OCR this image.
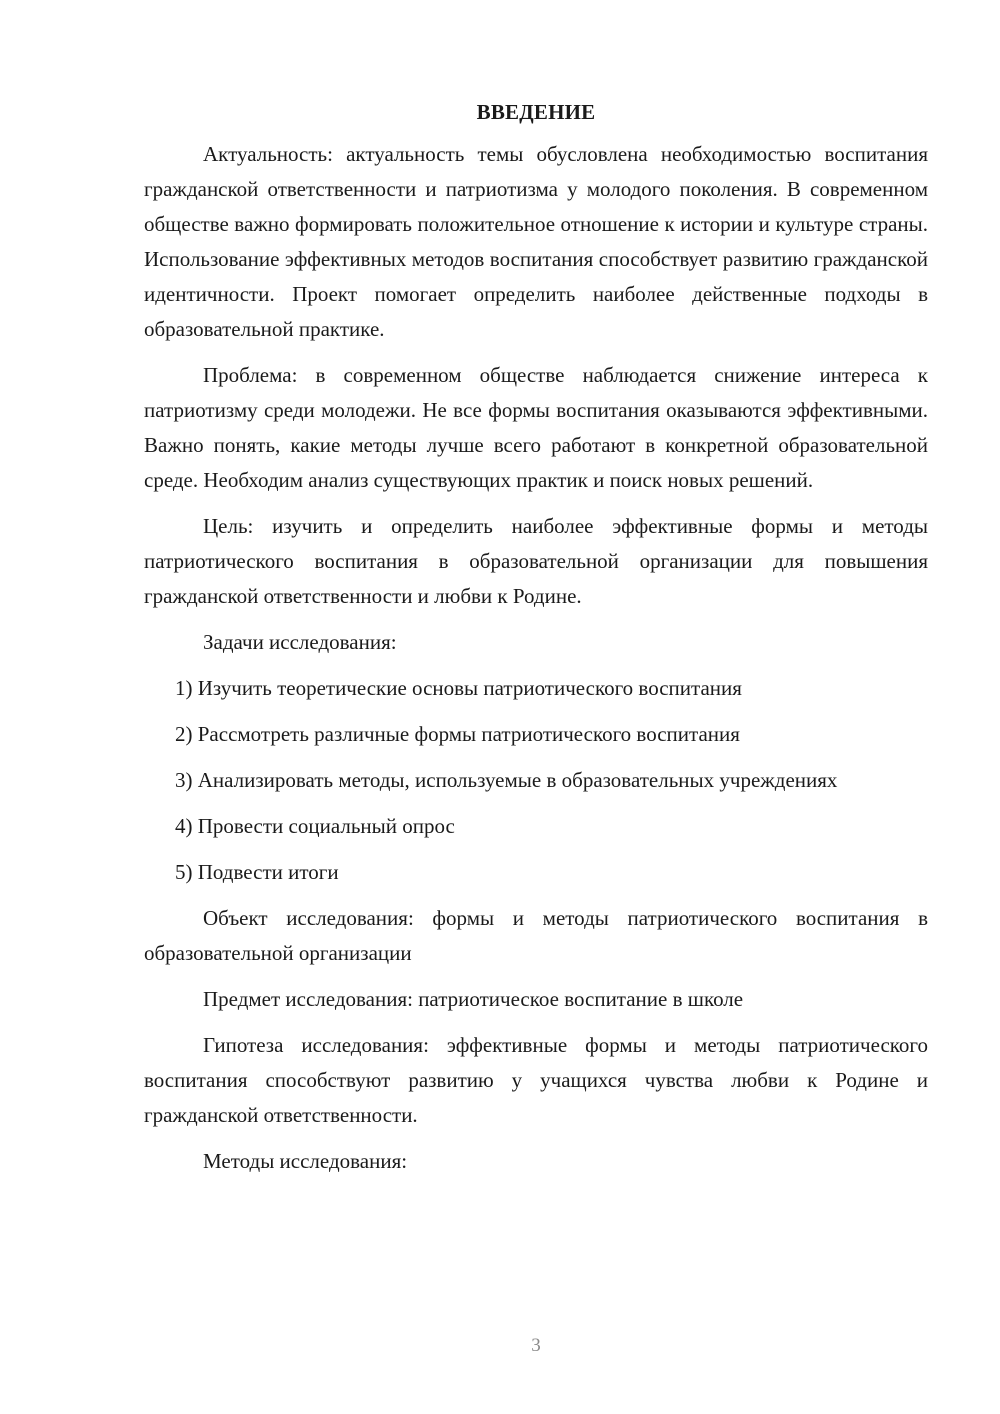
ВВЕДЕНИЕ

Актуальность: актуальность темы обусловлена необходимостью воспитания гражданской ответственности и патриотизма у молодого поколения. В современном обществе важно формировать положительное отношение к истории и культуре страны. Использование эффективных методов воспитания способствует развитию гражданской идентичности. Проект помогает определить наиболее действенные подходы в образовательной практике.

Проблема: в современном обществе наблюдается снижение интереса к патриотизму среди молодежи. Не все формы воспитания оказываются эффективными. Важно понять, какие методы лучше всего работают в конкретной образовательной среде. Необходим анализ существующих практик и поиск новых решений.

Цель: изучить и определить наиболее эффективные формы и методы патриотического воспитания в образовательной организации для повышения гражданской ответственности и любви к Родине.

Задачи исследования:

1) Изучить теоретические основы патриотического воспитания

2) Рассмотреть различные формы патриотического воспитания

3) Анализировать методы, используемые в образовательных учреждениях

4) Провести социальный опрос

5) Подвести итоги

Объект исследования: формы и методы патриотического воспитания в образовательной организации

Предмет исследования: патриотическое воспитание в школе

Гипотеза исследования: эффективные формы и методы патриотического воспитания способствуют развитию у учащихся чувства любви к Родине и гражданской ответственности.

Методы исследования:

3
